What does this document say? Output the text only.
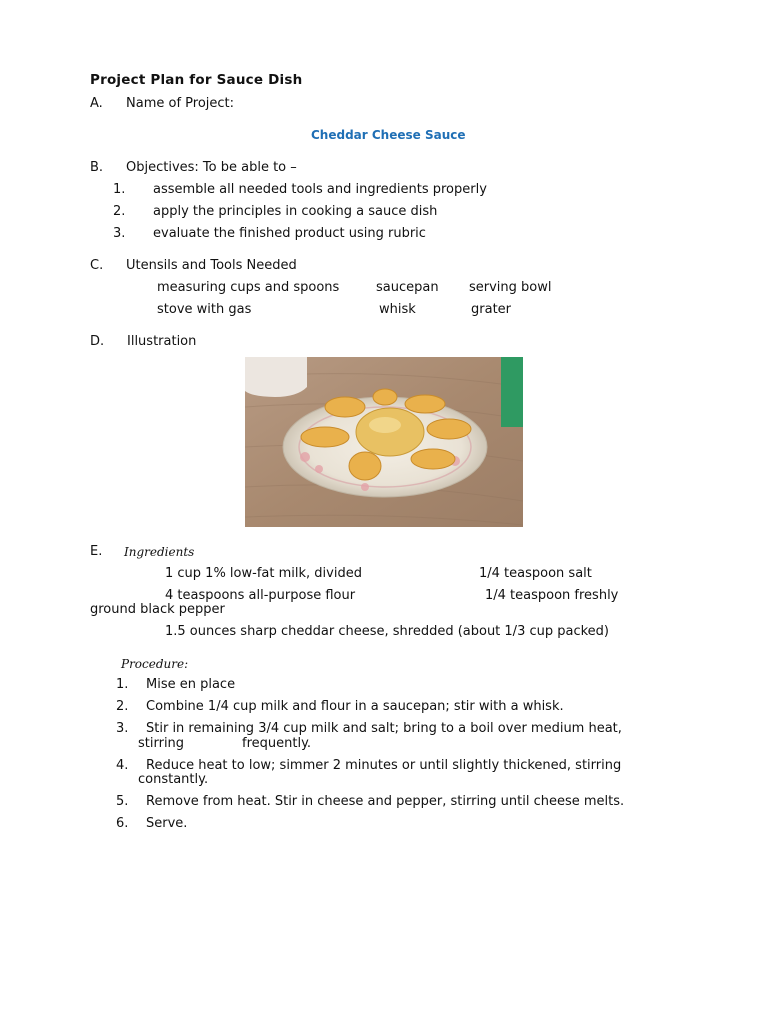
Project Plan for Sauce Dish
A. Name of Project:
Cheddar Cheese Sauce
B. Objectives: To be able to –
1. assemble all needed tools and ingredients properly
2. apply the principles in cooking a sauce dish
3. evaluate the finished product using rubric
C. Utensils and Tools Needed
measuring cups and spoons	saucepan serving bowl
stove with gas	whisk	grater
D. Illustration
E. Ingredients
1 cup 1% low-fat milk, divided	1/4 teaspoon salt
4 teaspoons all-purpose flour	1/4 teaspoon freshly
ground black pepper
1.5 ounces sharp cheddar cheese, shredded (about 1/3 cup packed)
Procedure:
1. Mise en place
2. Combine 1/4 cup milk and flour in a saucepan; stir with a whisk.
3. Stir in remaining 3/4 cup milk and salt; bring to a boil over medium heat,
stirring	frequently.
4. Reduce heat to low; simmer 2 minutes or until slightly thickened, stirring
constantly.
5. Remove from heat. Stir in cheese and pepper, stirring until cheese melts.
6. Serve.
